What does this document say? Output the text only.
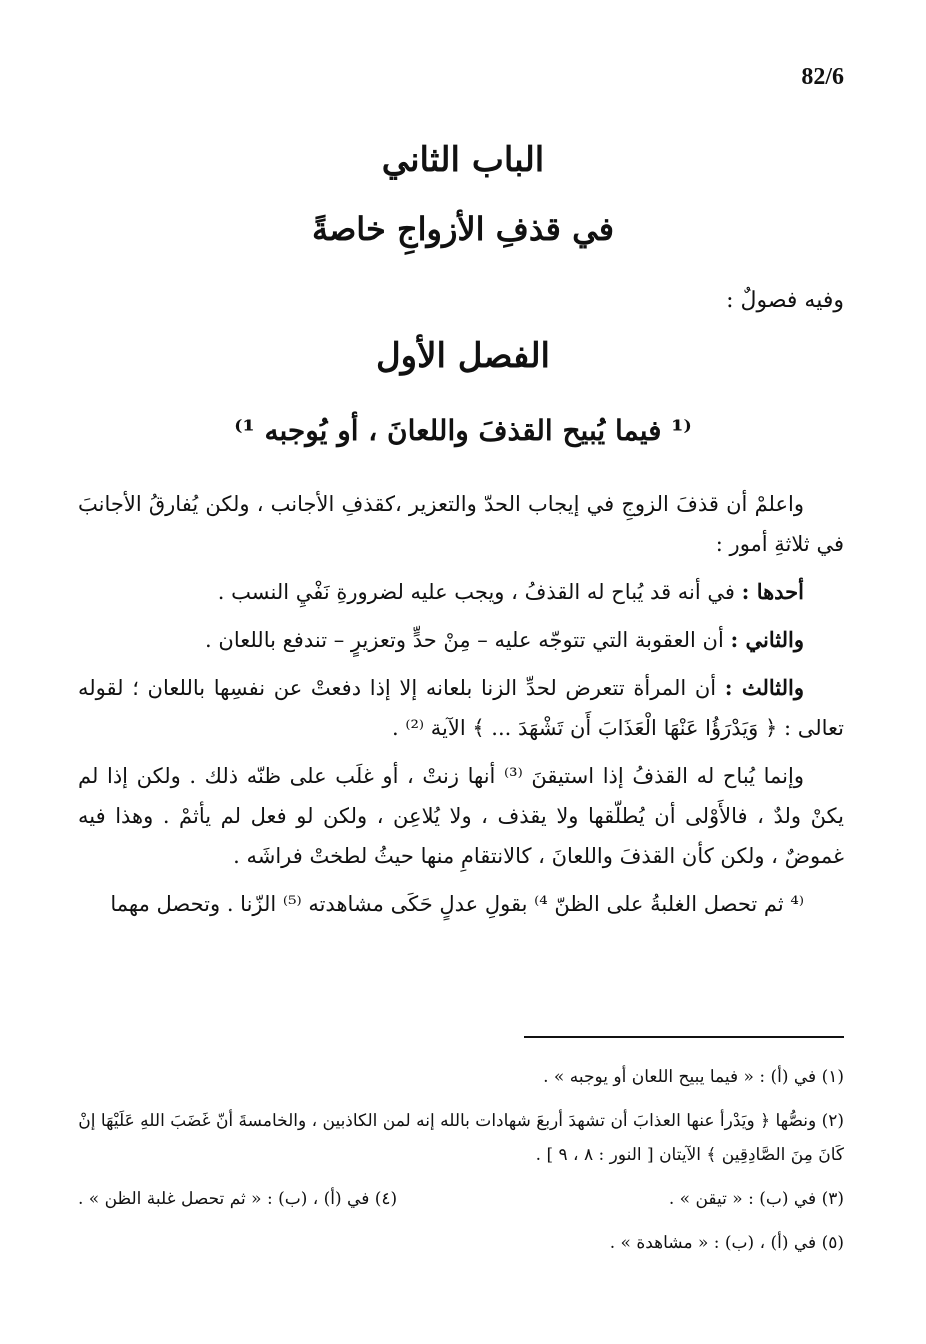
82/6
الباب الثاني
في قذفِ الأزواجِ خاصةً
وفيه فصولٌ :
الفصل الأول
⁽¹ فيما يُبيح القذفَ واللعانَ ، أو يُوجبه ¹⁾

واعلمْ أن قذفَ الزوجِ في إيجاب الحدّ والتعزير ،كقذفِ الأجانب ، ولكن يُفارقُ الأجانبَ في ثلاثةِ أمور :

أحدها : في أنه قد يُباح له القذفُ ، ويجب عليه لضرورةِ نَفْيِ النسب .

والثاني : أن العقوبة التي تتوجّه عليه – مِنْ حدٍّ وتعزيرٍ – تندفع باللعان .

والثالث : أن المرأة تتعرض لحدِّ الزنا بلعانه إلا إذا دفعتْ عن نفسِها باللعان ؛ لقوله تعالى : ﴿ وَيَدْرَؤُا عَنْهَا الْعَذَابَ أَن تَشْهَدَ ... ﴾ الآية ⁽²⁾ .

وإنما يُباح له القذفُ إذا استيقنَ ⁽³⁾ أنها زنتْ ، أو غلَب على ظنّه ذلك . ولكن إذا لم يكنْ ولدٌ ، فالأَوْلى أن يُطلّقها ولا يقذف ، ولا يُلاعِن ، ولكن لو فعل لم يأثمْ . وهذا فيه غموضٌ ، ولكن كأن القذفَ واللعانَ ، كالانتقامِ منها حيثُ لطختْ فراشَه .

⁽⁴ ثم تحصل الغلبةُ على الظنّ ⁴⁾ بقولِ عدلٍ حَكَى مشاهدته ⁽⁵⁾ الزّنا . وتحصل مهما

(١) في (أ) : « فيما يبيح اللعان أو يوجبه » .

(٢) ونصُّها ﴿ ويَدْرأ عنها العذابَ أن تشهدَ أربعَ شهادات بالله إنه لمن الكاذبين ، والخامسةَ أنّ غَضَبَ اللهِ عَلَيْهَا إنْ كَانَ مِنَ الصَّادِقِين ﴾ الآيتان [ النور : ٨ ، ٩ ] .

(٣) في (ب) : « تيقن » .
(٤) في (أ) ، (ب) : « ثم تحصل غلبة الظن » .

(٥) في (أ) ، (ب) : « مشاهدة » .
